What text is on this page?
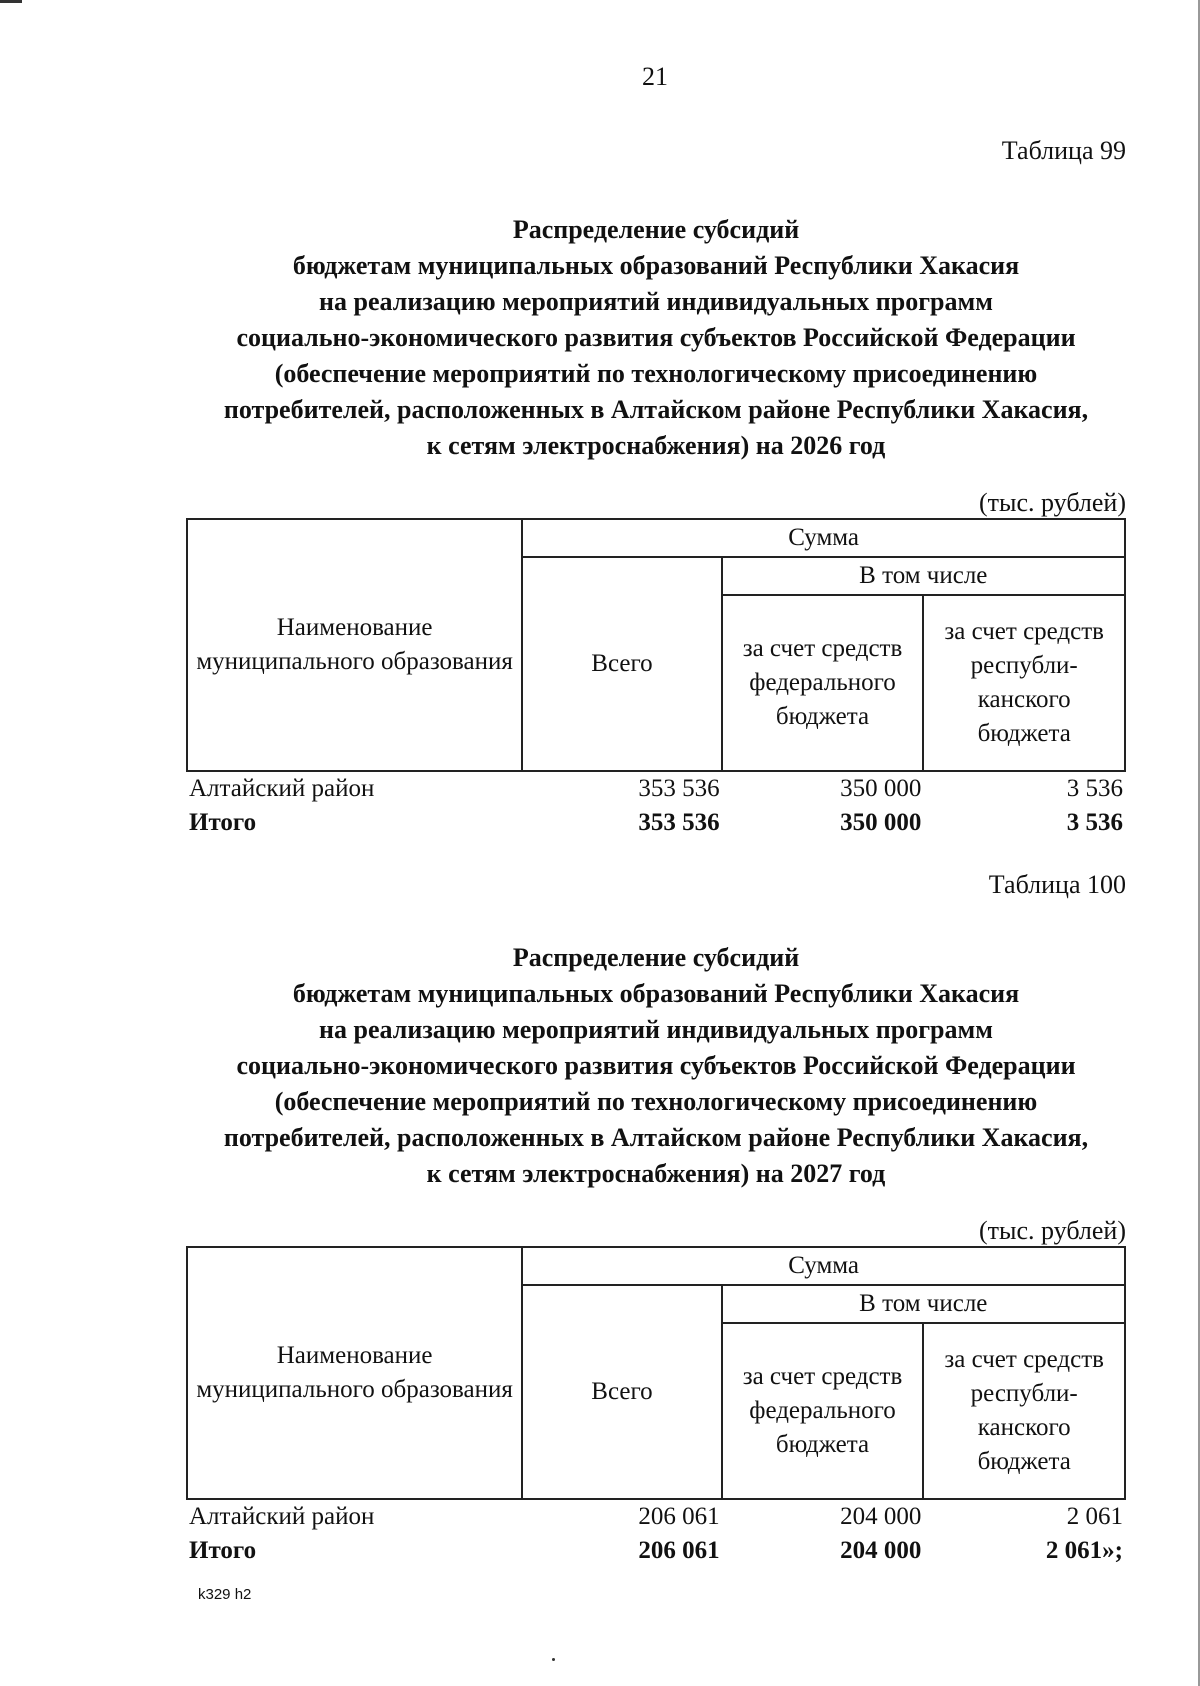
21
Таблица 99
Распределение субсидий
бюджетам муниципальных образований Республики Хакасия
на реализацию мероприятий индивидуальных программ
социально-экономического развития субъектов Российской Федерации
(обеспечение мероприятий по технологическому присоединению
потребителей, расположенных в Алтайском районе Республики Хакасия,
к сетям электроснабжения) на 2026 год
(тыс. рублей)
Наименование муниципального образования	Сумма		
	Всего	В том числе	
		за счет средств федерального бюджета	за счет средств республи-канского бюджета
Алтайский район	353 536	350 000	3 536
Итого	353 536	350 000	3 536
Таблица 100
Распределение субсидий
бюджетам муниципальных образований Республики Хакасия
на реализацию мероприятий индивидуальных программ
социально-экономического развития субъектов Российской Федерации
(обеспечение мероприятий по технологическому присоединению
потребителей, расположенных в Алтайском районе Республики Хакасия,
к сетям электроснабжения) на 2027 год
(тыс. рублей)
Наименование муниципального образования	Сумма		
	Всего	В том числе	
		за счет средств федерального бюджета	за счет средств республи-канского бюджета
Алтайский район	206 061	204 000	2 061
Итого	206 061	204 000	2 061»;
k329 h2
